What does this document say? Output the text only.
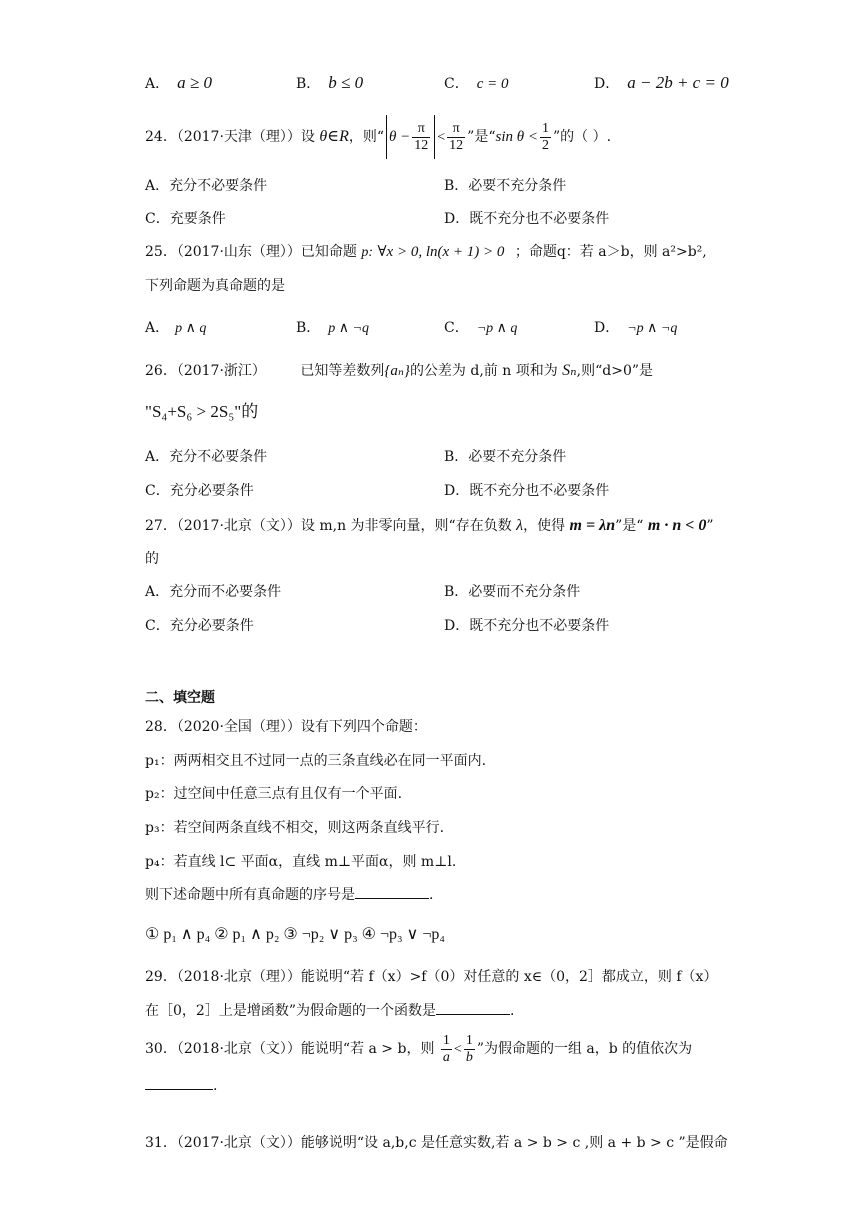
A． a ≥ 0	B． b ≤ 0	C． c = 0	D． a − 2b + c = 0
24．（2017·天津（理））设 θ∈R，则“ $\theta - \frac{\pi}{12} < \frac{\pi}{12}$ ”是“sin $\theta < \frac{1}{2}$ ”的（ ）.
A．充分不必要条件	B．必要不充分条件
C．充要条件	D．既不充分也不必要条件
25．（2017·山东（理））已知命题 p: ∀x > 0, ln(x + 1) > 0 ；命题q：若 a＞b，则 a²>b²,
下列命题为真命题的是
A． p ∧ q	B． p ∧ ¬q	C． ¬p ∧ q	D． ¬p ∧ ¬q
26．（2017·浙江） 已知等差数列{aₙ}的公差为 d,前 n 项和为 Sₙ,则“d>0”是
"S₄+S₆ > 2S₅"的
A．充分不必要条件	B．必要不充分条件
C．充分必要条件	D．既不充分也不必要条件
27．（2017·北京（文））设 m,n 为非零向量，则“存在负数 λ，使得 m = λn”是“ m · n < 0”
的
A．充分而不必要条件	B．必要而不充分条件
C．充分必要条件	D．既不充分也不必要条件
二、填空题
28．（2020·全国（理））设有下列四个命题：
p₁：两两相交且不过同一点的三条直线必在同一平面内.
p₂：过空间中任意三点有且仅有一个平面.
p₃：若空间两条直线不相交，则这两条直线平行.
p₄：若直线 l⊂ 平面α，直线 m⊥平面α，则 m⊥l.
则下述命题中所有真命题的序号是	.
① p₁ ∧ p₄ ② p₁ ∧ p₂ ③ ¬p₂ ∨ p₃ ④ ¬p₃ ∨ ¬p₄
29．（2018·北京（理））能说明“若 f（x）>f（0）对任意的 x∈（0，2］都成立，则 f（x）
在［0，2］上是增函数”为假命题的一个函数是	.
30．（2018·北京（文））能说明“若 a > b，则 $\frac{1}{a} < \frac{1}{b}$ ”为假命题的一组 a，b 的值依次为
.
31．（2017·北京（文））能够说明“设 a,b,c 是任意实数,若 a > b > c ,则 a + b > c ”是假命
